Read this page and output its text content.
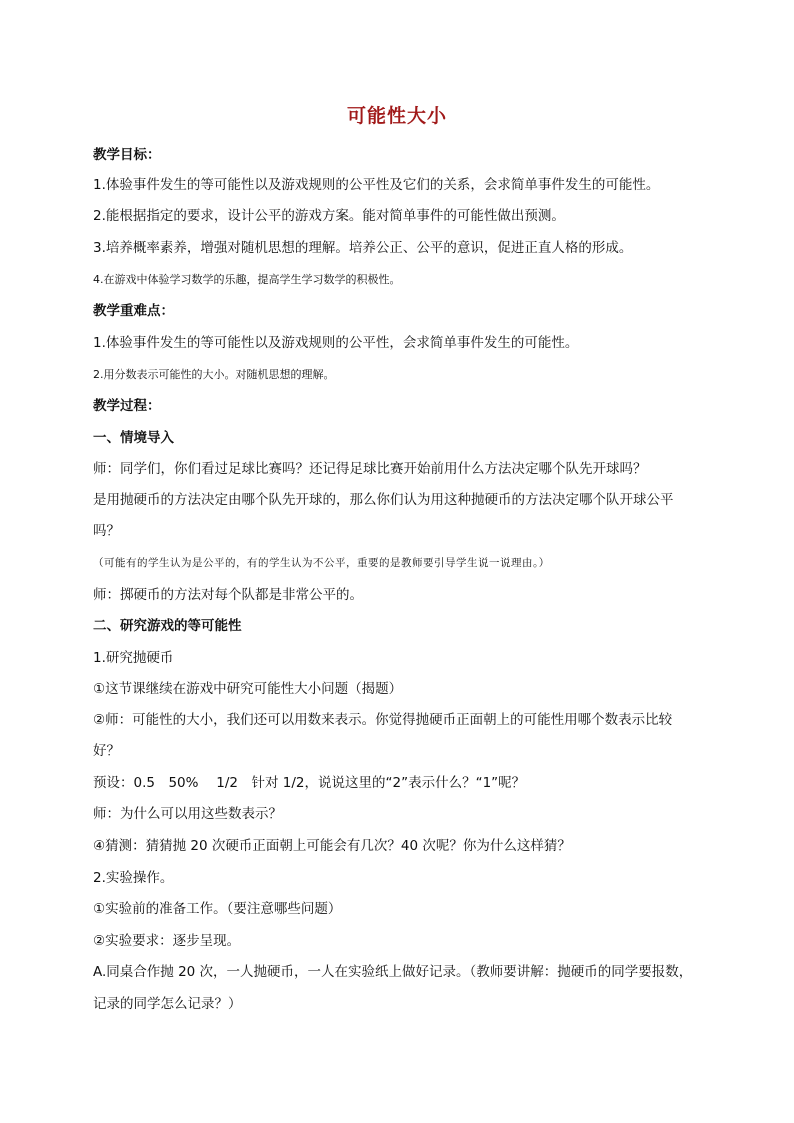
可能性大小
教学目标：
1.体验事件发生的等可能性以及游戏规则的公平性及它们的关系，会求简单事件发生的可能性。
2.能根据指定的要求，设计公平的游戏方案。能对简单事件的可能性做出预测。
3.培养概率素养，增强对随机思想的理解。培养公正、公平的意识，促进正直人格的形成。
4.在游戏中体验学习数学的乐趣，提高学生学习数学的积极性。
教学重难点：
1.体验事件发生的等可能性以及游戏规则的公平性，会求简单事件发生的可能性。
2.用分数表示可能性的大小。对随机思想的理解。
教学过程：
一、情境导入
师：同学们，你们看过足球比赛吗？还记得足球比赛开始前用什么方法决定哪个队先开球吗？
是用抛硬币的方法决定由哪个队先开球的，那么你们认为用这种抛硬币的方法决定哪个队开球公平
吗？
（可能有的学生认为是公平的，有的学生认为不公平，重要的是教师要引导学生说一说理由。）
师：掷硬币的方法对每个队都是非常公平的。
二、研究游戏的等可能性
1.研究抛硬币
①这节课继续在游戏中研究可能性大小问题（揭题）
②师：可能性的大小，我们还可以用数来表示。你觉得抛硬币正面朝上的可能性用哪个数表示比较
好？
预设：0.5　50%　 1/2　针对 1/2，说说这里的“2”表示什么？“1”呢？
师：为什么可以用这些数表示？
④猜测：猜猜抛 20 次硬币正面朝上可能会有几次？40 次呢？你为什么这样猜？
2.实验操作。
①实验前的准备工作。（要注意哪些问题）
②实验要求：逐步呈现。
A.同桌合作抛 20 次，一人抛硬币，一人在实验纸上做好记录。（教师要讲解：抛硬币的同学要报数，
记录的同学怎么记录？）
